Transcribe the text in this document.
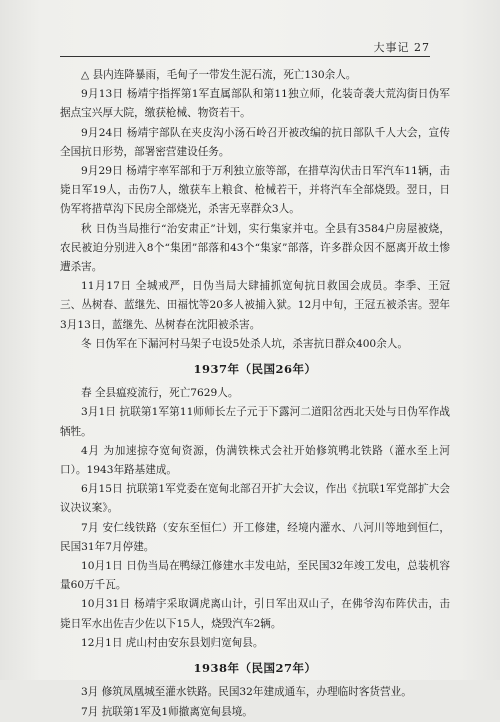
大事记 27
△ 县内连降暴雨，毛甸子一带发生泥石流，死亡130余人。
9月13日 杨靖宇指挥第1军直属部队和第11独立师，化装奇袭大荒沟街日伪军据点宝兴厚大院，缴获枪械、物资若干。
9月24日 杨靖宇部队在夹皮沟小汤石岭召开被改编的抗日部队千人大会，宣传全国抗日形势，部署密营建设任务。
9月29日 杨靖宇率军部和于万利独立旅等部，在措草沟伏击日军汽车11辆，击毙日军19人，击伤7人，缴获车上粮食、枪械若干，并将汽车全部烧毁。翌日，日伪军将措草沟下民房全部烧光，杀害无辜群众3人。
秋 日伪当局推行“治安肃正”计划，实行集家并屯。全县有3584户房屋被烧，农民被迫分别进入8个“集团”部落和43个“集家”部落，许多群众因不愿离开故土惨遭杀害。
11月17日 全城戒严，日伪当局大肆捕抓宽甸抗日救国会成员。李季、王冠三、丛树春、蓝继先、田福忱等20多人被捕入狱。12月中旬，王冠五被杀害。翌年3月13日，蓝继先、丛树春在沈阳被杀害。
冬 日伪军在下漏河村马架子屯设5处杀人坑，杀害抗日群众400余人。
1937年（民国26年）
春 全县瘟疫流行，死亡7629人。
3月1日 抗联第1军第11师师长左子元于下露河二道阳岔西北天处与日伪军作战牺牲。
4月 为加速掠夺宽甸资源，伪满铁株式会社开始修筑鸭北铁路（灌水至上河口）。1943年路基建成。
6月15日 抗联第1军党委在宽甸北部召开扩大会议，作出《抗联1军党部扩大会议决议案》。
7月 安仁线铁路（安东至恒仁）开工修建，经境内灌水、八河川等地到恒仁，民国31年7月停建。
10月1日 日伪当局在鸭绿江修建水丰发电站，至民国32年竣工发电，总装机容量60万千瓦。
10月31日 杨靖宇采取调虎离山计，引日军出双山子，在佛爷沟布阵伏击，击毙日军水出佐吉少佐以下15人，烧毁汽车2辆。
12月1日 虎山村由安东县划归宽甸县。
1938年（民国27年）
3月 修筑凤凰城至灌水铁路。民国32年建成通车，办理临时客货营业。
7月 抗联第1军及1师撤离宽甸县境。
